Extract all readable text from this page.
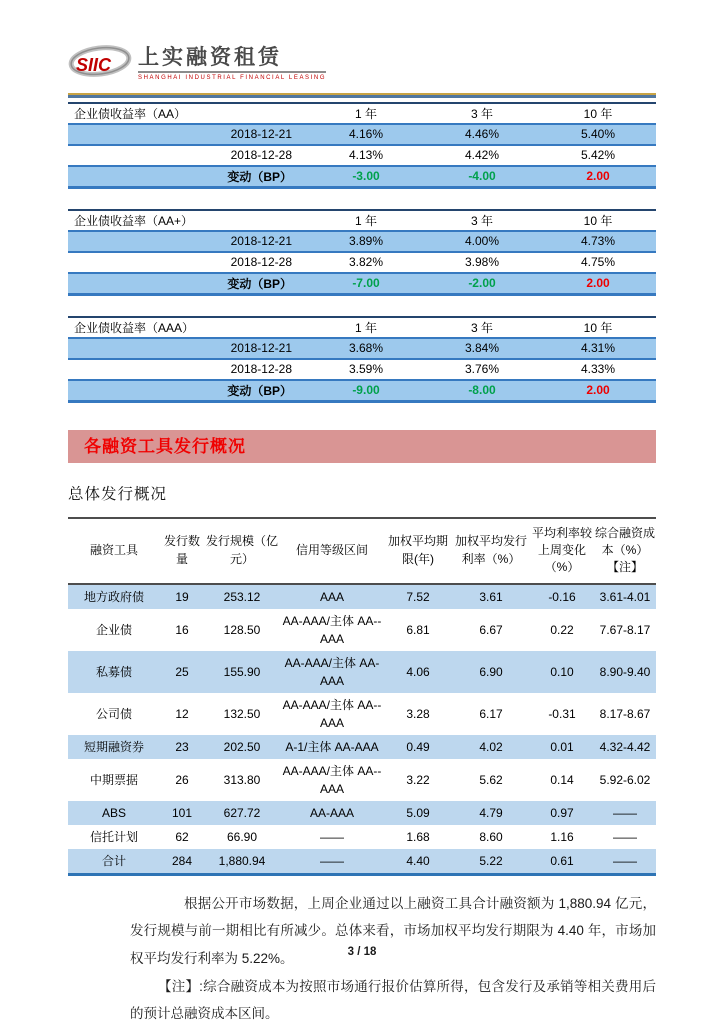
SIIC 上实融资租赁
SHANGHAI INDUSTRIAL FINANCIAL LEASING
企业债收益率（AA）	1 年	3 年	10 年
2018-12-21	4.16%	4.46%	5.40%
2018-12-28	4.13%	4.42%	5.42%
变动（BP）	-3.00	-4.00	2.00
企业债收益率（AA+）	1 年	3 年	10 年
2018-12-21	3.89%	4.00%	4.73%
2018-12-28	3.82%	3.98%	4.75%
变动（BP）	-7.00	-2.00	2.00
企业债收益率（AAA）	1 年	3 年	10 年
2018-12-21	3.68%	3.84%	4.31%
2018-12-28	3.59%	3.76%	4.33%
变动（BP）	-9.00	-8.00	2.00
各融资工具发行概况
总体发行概况
融资工具	发行数量	发行规模（亿元）	信用等级区间	加权平均期限(年)	加权平均发行利率（%）	平均利率较上周变化（%）	综合融资成本（%）【注】
地方政府债	19	253.12	AAA	7.52	3.61	-0.16	3.61-4.01
企业债	16	128.50	AA-AAA/主体 AA--AAA	6.81	6.67	0.22	7.67-8.17
私募债	25	155.90	AA-AAA/主体 AA-AAA	4.06	6.90	0.10	8.90-9.40
公司债	12	132.50	AA-AAA/主体 AA--AAA	3.28	6.17	-0.31	8.17-8.67
短期融资券	23	202.50	A-1/主体 AA-AAA	0.49	4.02	0.01	4.32-4.42
中期票据	26	313.80	AA-AAA/主体 AA--AAA	3.22	5.62	0.14	5.92-6.02
ABS	101	627.72	AA-AAA	5.09	4.79	0.97	——
信托计划	62	66.90	——	1.68	8.60	1.16	——
合计	284	1,880.94	——	4.40	5.22	0.61	——

根据公开市场数据，上周企业通过以上融资工具合计融资额为 1,880.94 亿元，发行规模与前一期相比有所减少。总体来看，市场加权平均发行期限为 4.40 年，市场加权平均发行利率为 5.22%。

【注】:综合融资成本为按照市场通行报价估算所得，包含发行及承销等相关费用后的预计总融资成本区间。

3 / 18
